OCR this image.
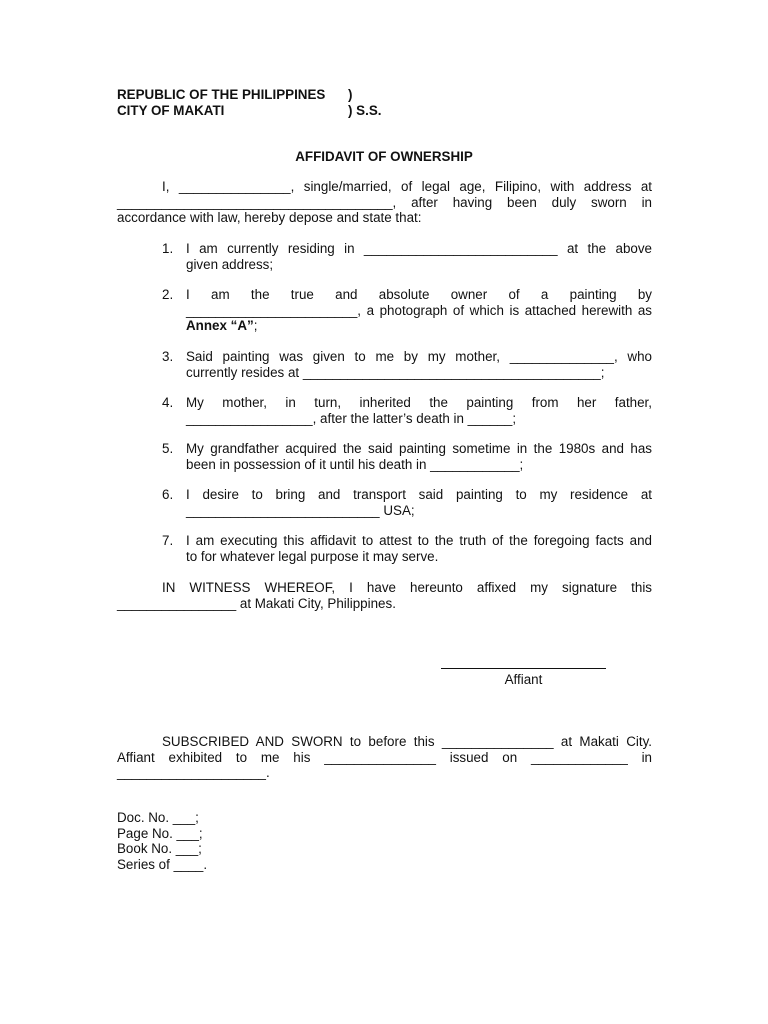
REPUBLIC OF THE PHILIPPINES )
CITY OF MAKATI	) S.S.
AFFIDAVIT OF OWNERSHIP
I, _______________, single/married, of legal age, Filipino, with address at
_____________________________________, after having been duly sworn in
accordance with law, hereby depose and state that:
1. I am currently residing in __________________________ at the above
given address;
2. I am the true and absolute owner of a painting by
_______________________, a photograph of which is attached herewith as
Annex “A”;
3. Said painting was given to me by my mother, ______________, who
currently resides at ________________________________________;
4. My mother, in turn, inherited the painting from her father,
_________________, after the latter’s death in ______;
5. My grandfather acquired the said painting sometime in the 1980s and has
been in possession of it until his death in ____________;
6. I desire to bring and transport said painting to my residence at
__________________________ USA;
7. I am executing this affidavit to attest to the truth of the foregoing facts and
to for whatever legal purpose it may serve.
IN WITNESS WHEREOF, I have hereunto affixed my signature this
________________ at Makati City, Philippines.
Affiant
SUBSCRIBED AND SWORN to before this _______________ at Makati City.
Affiant exhibited to me his _______________ issued on _____________ in
____________________.
Doc. No. ___;
Page No. ___;
Book No. ___;
Series of ____.
